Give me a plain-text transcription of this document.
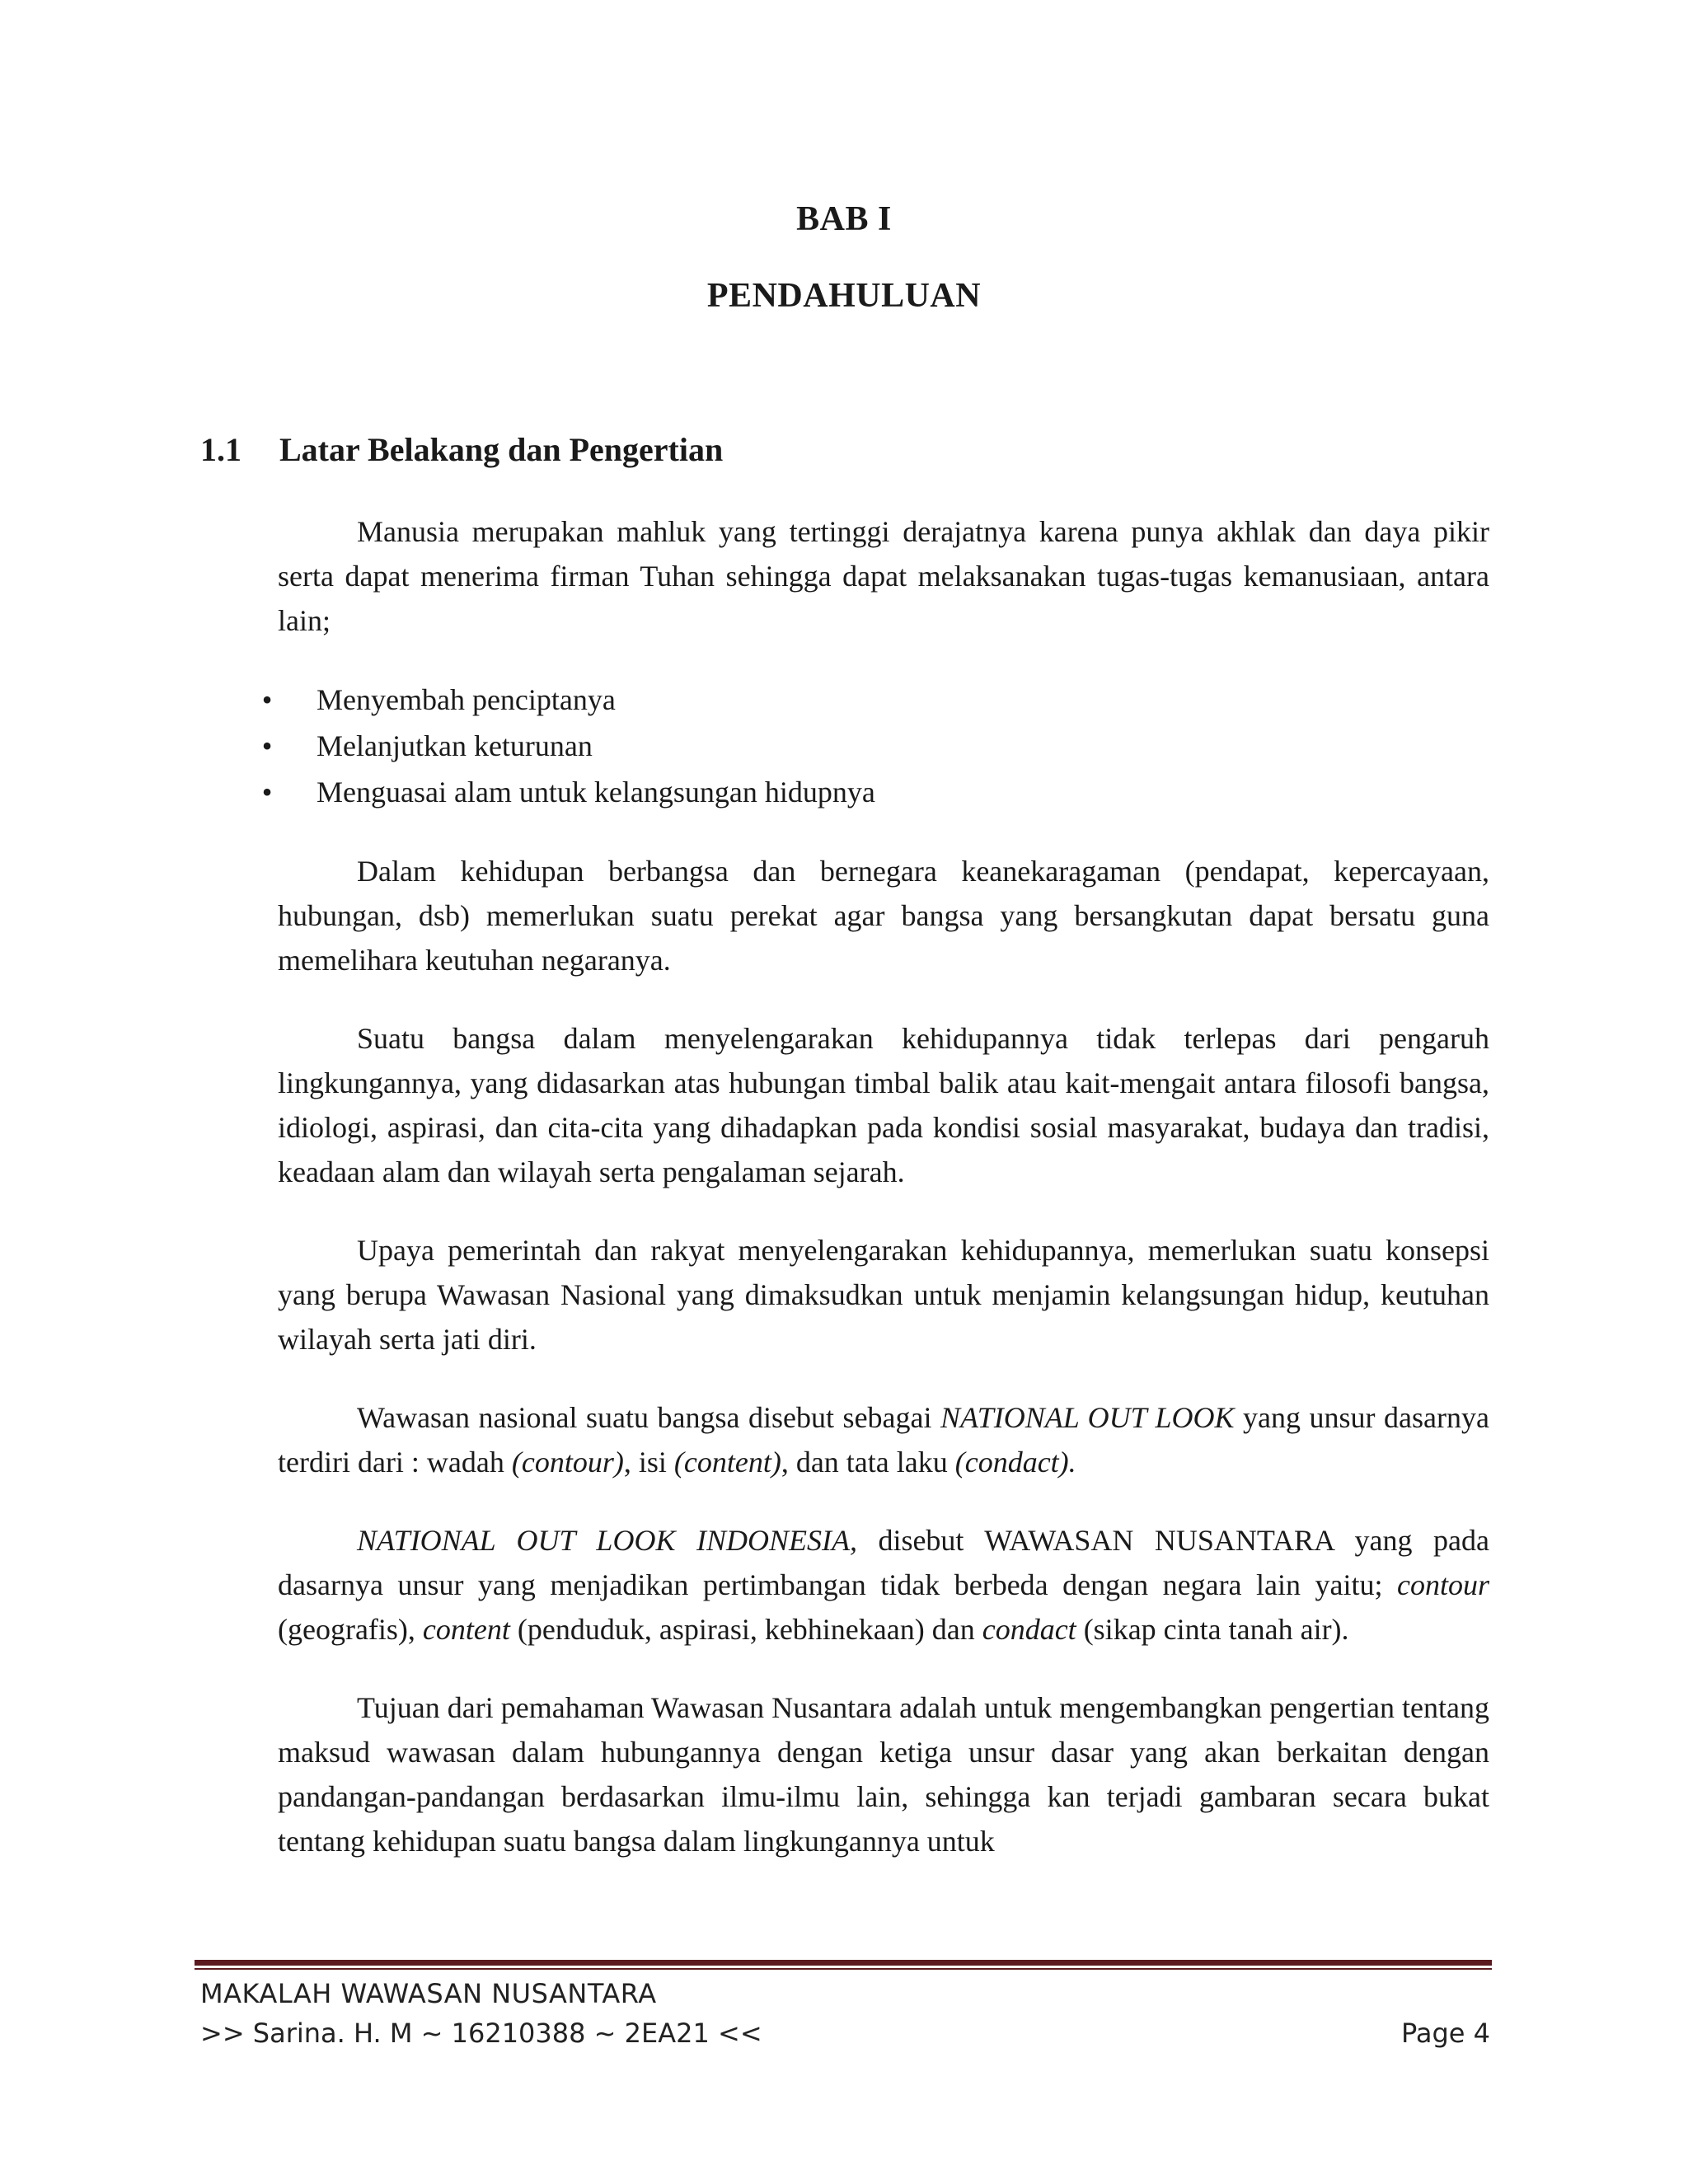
BAB I
PENDAHULUAN
1.1 Latar Belakang dan Pengertian

Manusia merupakan mahluk yang tertinggi derajatnya karena punya akhlak dan daya pikir serta dapat menerima firman Tuhan sehingga dapat melaksanakan tugas-tugas kemanusiaan, antara lain;

•	Menyembah penciptanya
•	Melanjutkan keturunan
•	Menguasai alam untuk kelangsungan hidupnya

Dalam kehidupan berbangsa dan bernegara keanekaragaman (pendapat, kepercayaan, hubungan, dsb) memerlukan suatu perekat agar bangsa yang bersangkutan dapat bersatu guna memelihara keutuhan negaranya.

Suatu bangsa dalam menyelengarakan kehidupannya tidak terlepas dari pengaruh lingkungannya, yang didasarkan atas hubungan timbal balik atau kait-mengait antara filosofi bangsa, idiologi, aspirasi, dan cita-cita yang dihadapkan pada kondisi sosial masyarakat, budaya dan tradisi, keadaan alam dan wilayah serta pengalaman sejarah.

Upaya pemerintah dan rakyat menyelengarakan kehidupannya, memerlukan suatu konsepsi yang berupa Wawasan Nasional yang dimaksudkan untuk menjamin kelangsungan hidup, keutuhan wilayah serta jati diri.

Wawasan nasional suatu bangsa disebut sebagai NATIONAL OUT LOOK yang unsur dasarnya terdiri dari : wadah (contour), isi (content), dan tata laku (condact).

NATIONAL OUT LOOK INDONESIA, disebut WAWASAN NUSANTARA yang pada dasarnya unsur yang menjadikan pertimbangan tidak berbeda dengan negara lain yaitu; contour (geografis), content (penduduk, aspirasi, kebhinekaan) dan condact (sikap cinta tanah air).

Tujuan dari pemahaman Wawasan Nusantara adalah untuk mengembangkan pengertian tentang maksud wawasan dalam hubungannya dengan ketiga unsur dasar yang akan berkaitan dengan pandangan-pandangan berdasarkan ilmu-ilmu lain, sehingga kan terjadi gambaran secara bukat tentang kehidupan suatu bangsa dalam lingkungannya untuk

MAKALAH WAWASAN NUSANTARA
>> Sarina. H. M ~ 16210388 ~ 2EA21 <<	Page 4
